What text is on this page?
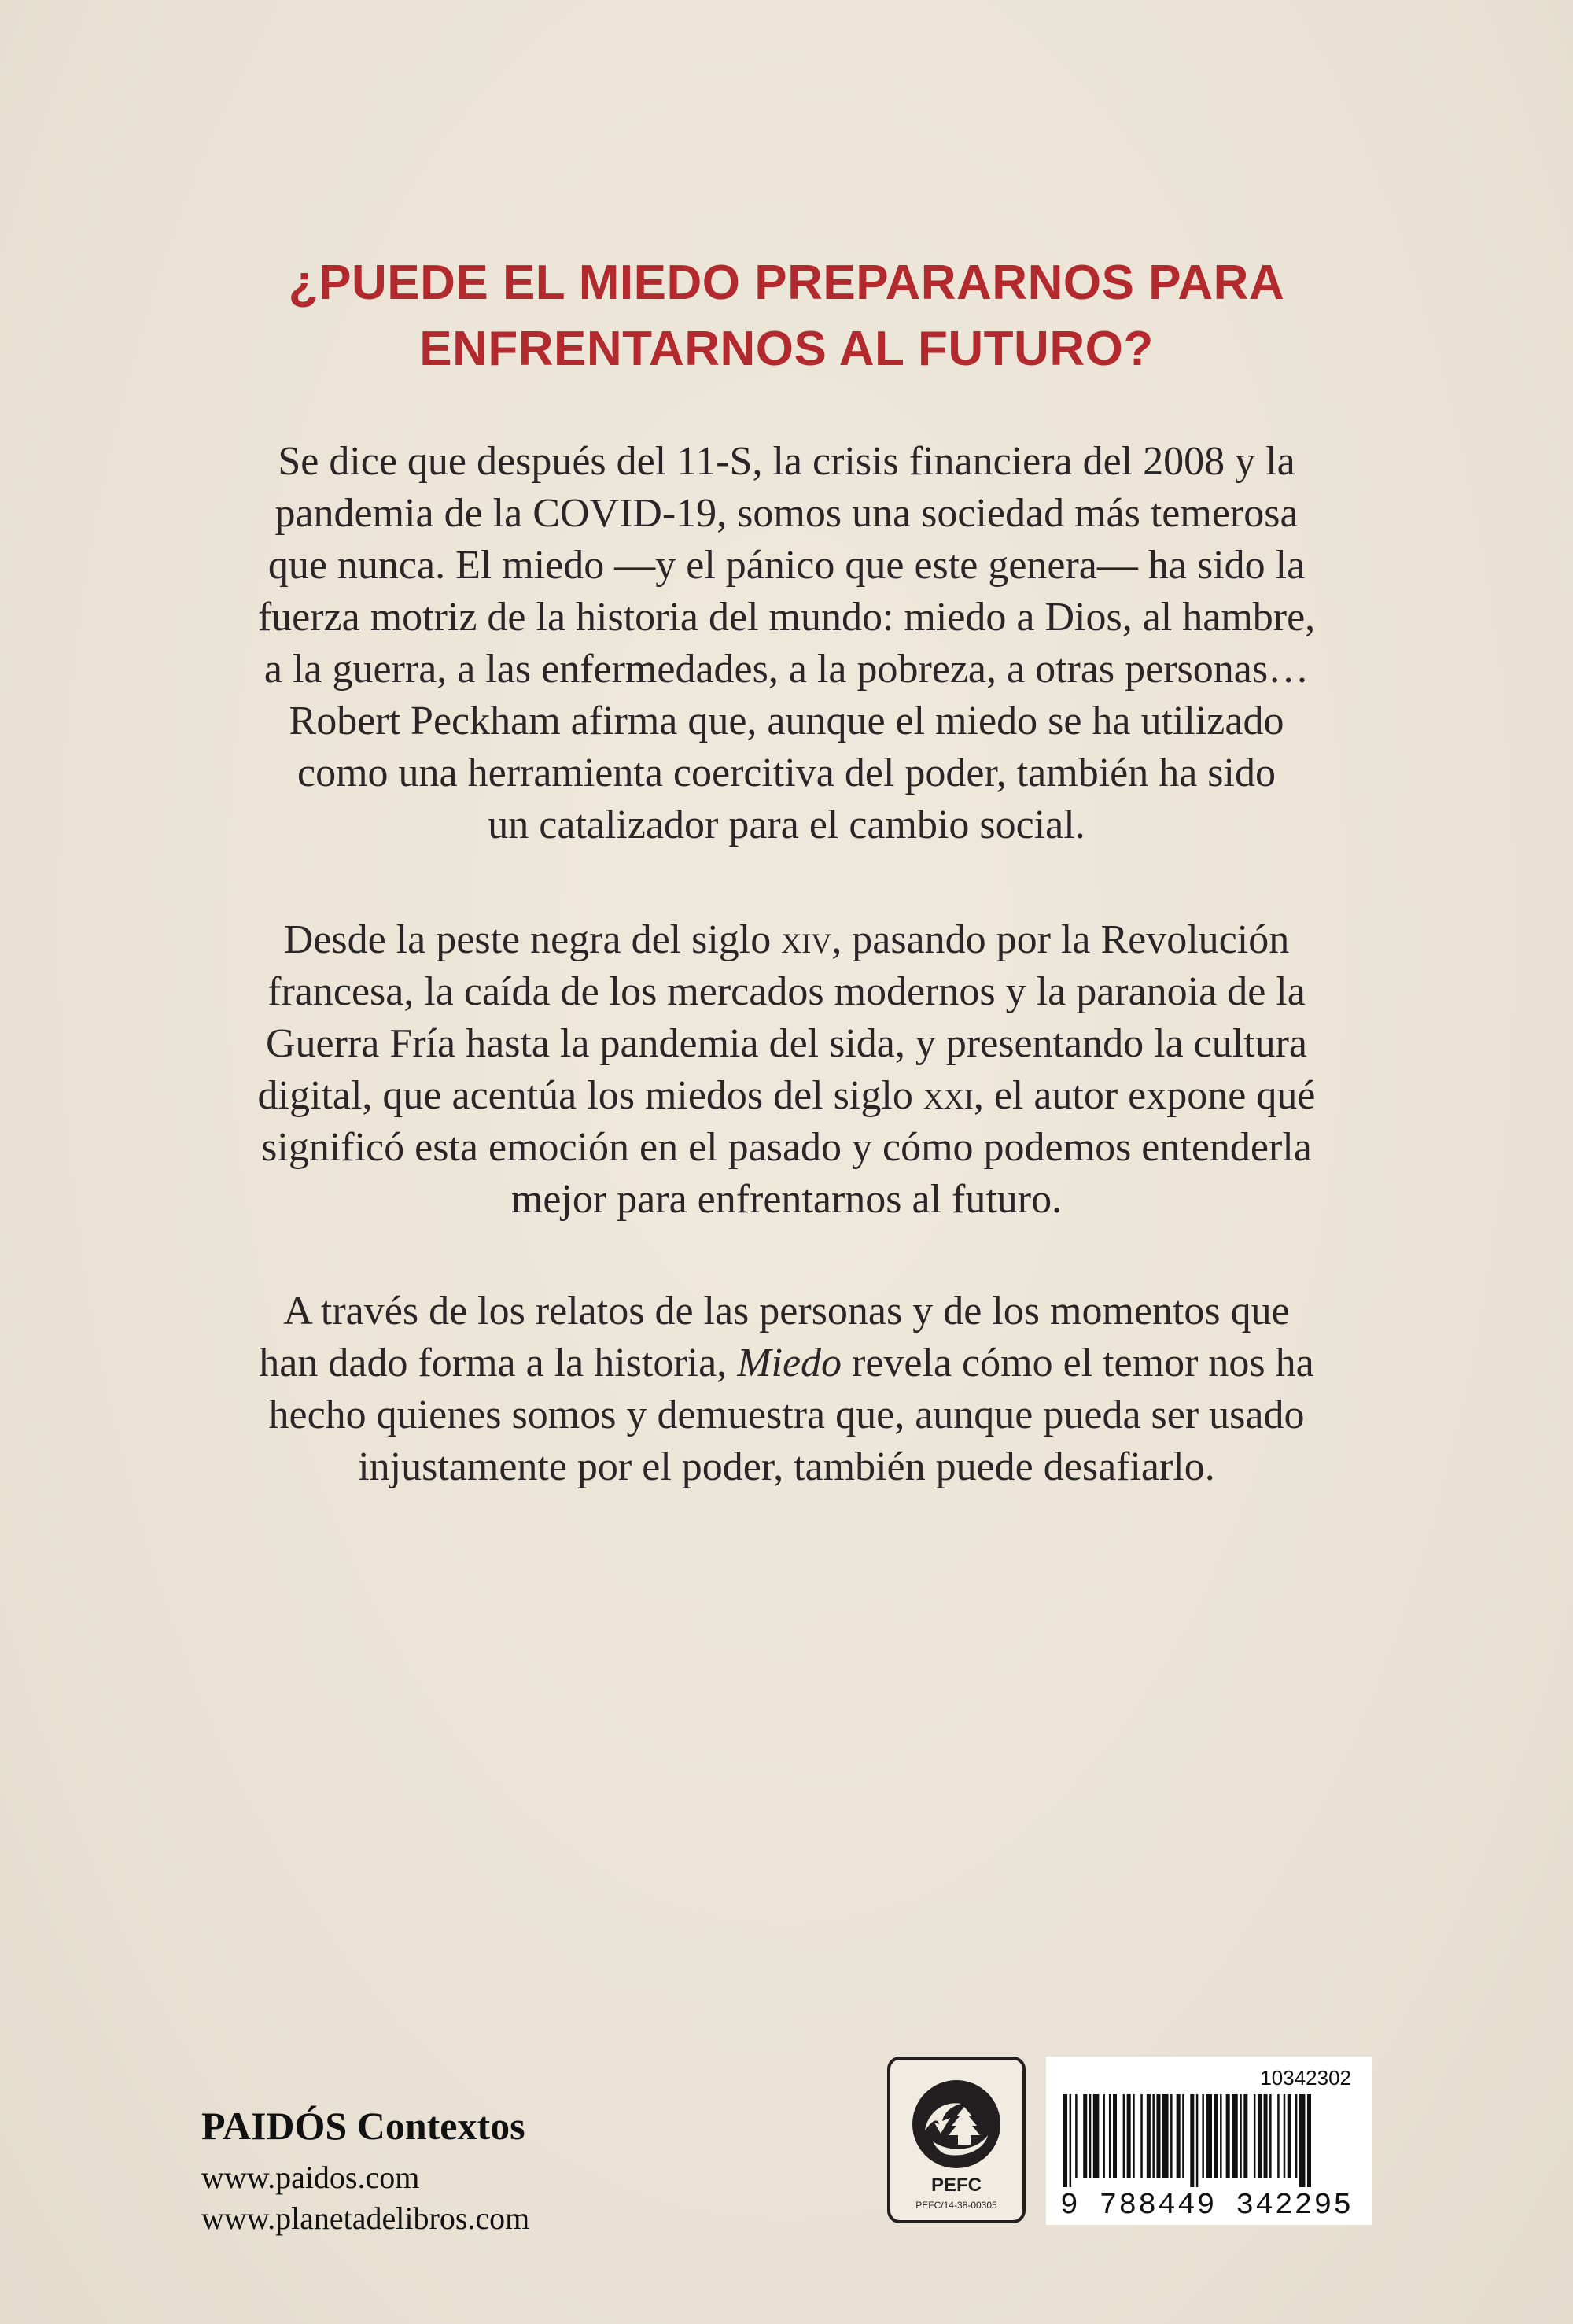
¿PUEDE EL MIEDO PREPARARNOS PARA
ENFRENTARNOS AL FUTURO?
Se dice que después del 11-S, la crisis financiera del 2008 y la
pandemia de la COVID-19, somos una sociedad más temerosa
que nunca. El miedo —y el pánico que este genera— ha sido la
fuerza motriz de la historia del mundo: miedo a Dios, al hambre,
a la guerra, a las enfermedades, a la pobreza, a otras personas…
Robert Peckham afirma que, aunque el miedo se ha utilizado
como una herramienta coercitiva del poder, también ha sido
un catalizador para el cambio social.
Desde la peste negra del siglo xiv, pasando por la Revolución
francesa, la caída de los mercados modernos y la paranoia de la
Guerra Fría hasta la pandemia del sida, y presentando la cultura
digital, que acentúa los miedos del siglo xxi, el autor expone qué
significó esta emoción en el pasado y cómo podemos entenderla
mejor para enfrentarnos al futuro.
A través de los relatos de las personas y de los momentos que
han dado forma a la historia, Miedo revela cómo el temor nos ha
hecho quienes somos y demuestra que, aunque pueda ser usado
injustamente por el poder, también puede desafiarlo.
PAIDÓS Contextos
www.paidos.com
www.planetadelibros.com
PEFC
PEFC/14-38-00305
10342302
9 788449 342295
